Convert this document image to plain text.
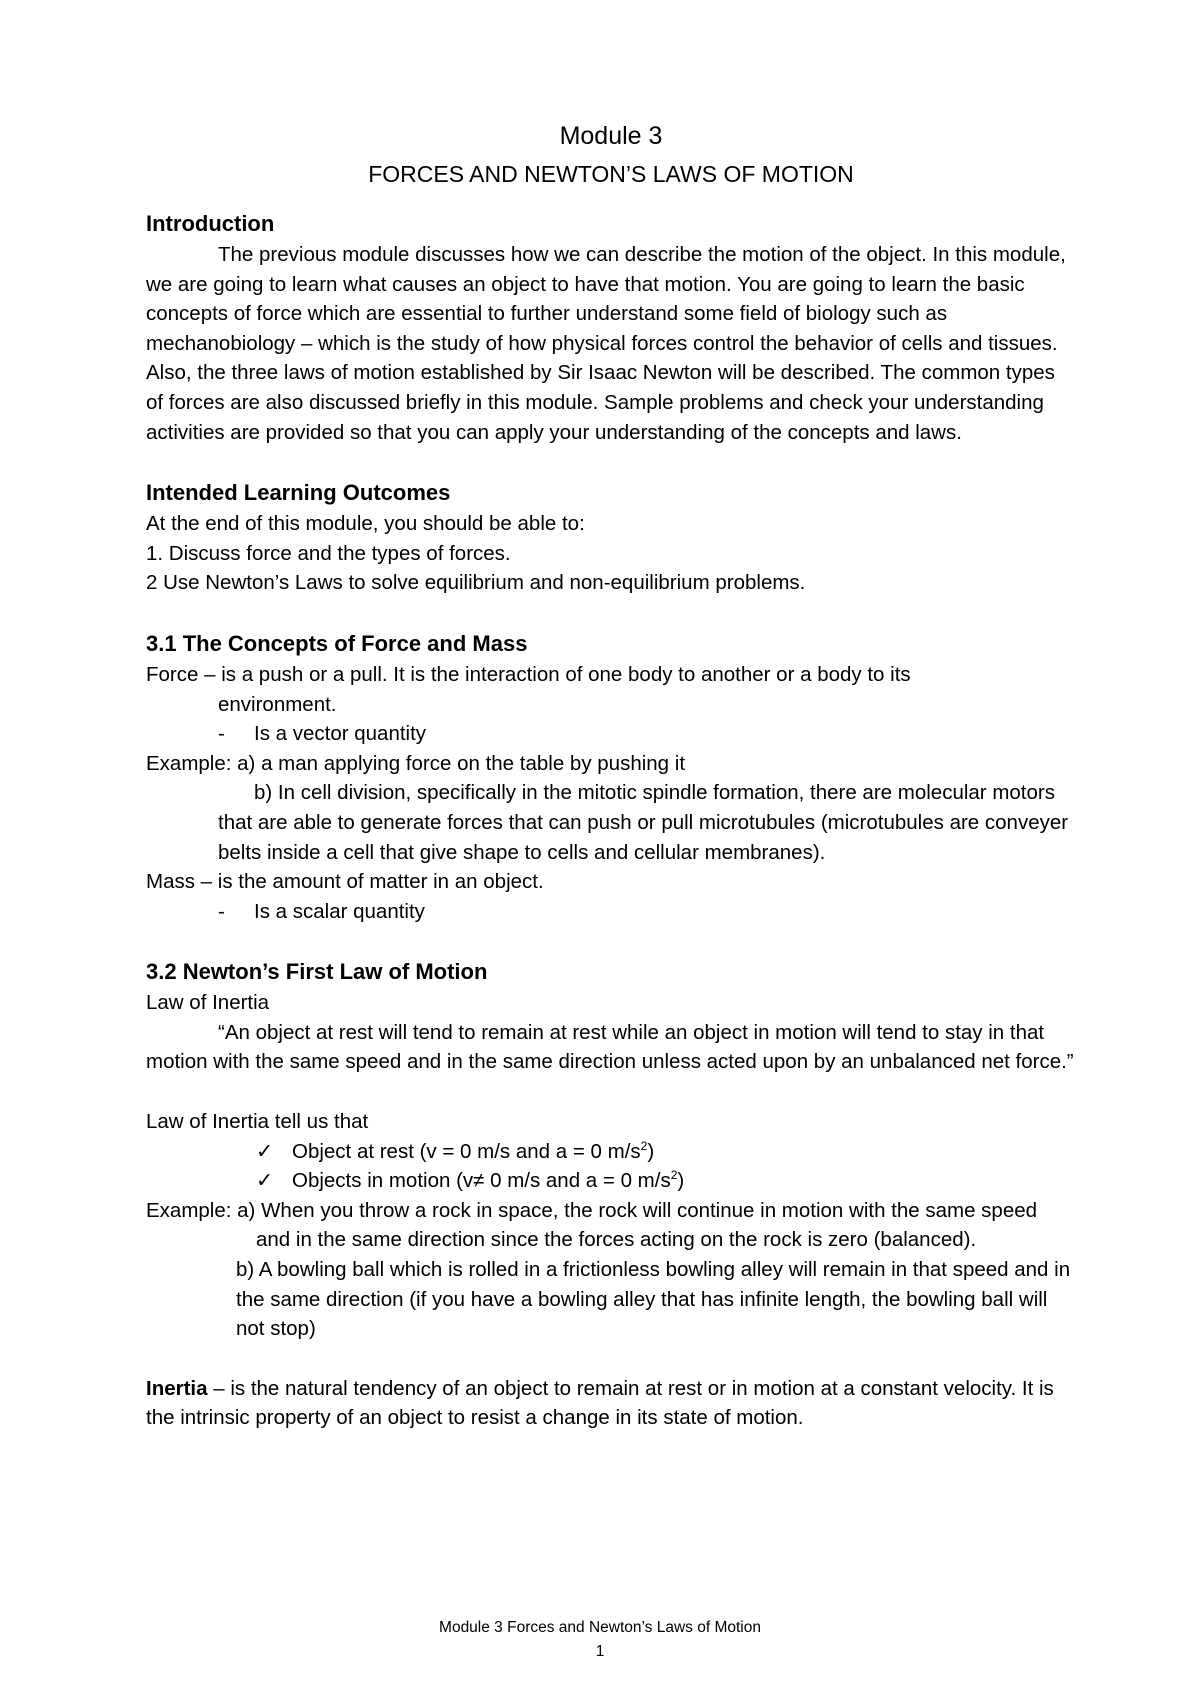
Module 3
FORCES AND NEWTON’S LAWS OF MOTION
Introduction

The previous module discusses how we can describe the motion of the object. In this module, we are going to learn what causes an object to have that motion. You are going to learn the basic concepts of force which are essential to further understand some field of biology such as mechanobiology – which is the study of how physical forces control the behavior of cells and tissues. Also, the three laws of motion established by Sir Isaac Newton will be described. The common types of forces are also discussed briefly in this module. Sample problems and check your understanding activities are provided so that you can apply your understanding of the concepts and laws.

Intended Learning Outcomes

At the end of this module, you should be able to:

1. Discuss force and the types of forces.

2 Use Newton’s Laws to solve equilibrium and non-equilibrium problems.

3.1 The Concepts of Force and Mass

Force – is a push or a pull. It is the interaction of one body to another or a body to its

environment.

- Is a vector quantity

Example: a) a man applying force on the table by pushing it

b) In cell division, specifically in the mitotic spindle formation, there are molecular motors that are able to generate forces that can push or pull microtubules (microtubules are conveyer belts inside a cell that give shape to cells and cellular membranes).

Mass – is the amount of matter in an object.

- Is a scalar quantity

3.2 Newton’s First Law of Motion

Law of Inertia

“An object at rest will tend to remain at rest while an object in motion will tend to stay in that motion with the same speed and in the same direction unless acted upon by an unbalanced net force.”

Law of Inertia tell us that

✓ Object at rest (v = 0 m/s and a = 0 $m/s^2$)

✓ Objects in motion (v≠ 0 m/s and a = 0 $m/s^2$)

Example: a) When you throw a rock in space, the rock will continue in motion with the same speed and in the same direction since the forces acting on the rock is zero (balanced).

b) A bowling ball which is rolled in a frictionless bowling alley will remain in that speed and in the same direction (if you have a bowling alley that has infinite length, the bowling ball will not stop)

Inertia – is the natural tendency of an object to remain at rest or in motion at a constant velocity. It is the intrinsic property of an object to resist a change in its state of motion.

Module 3 Forces and Newton’s Laws of Motion
1
